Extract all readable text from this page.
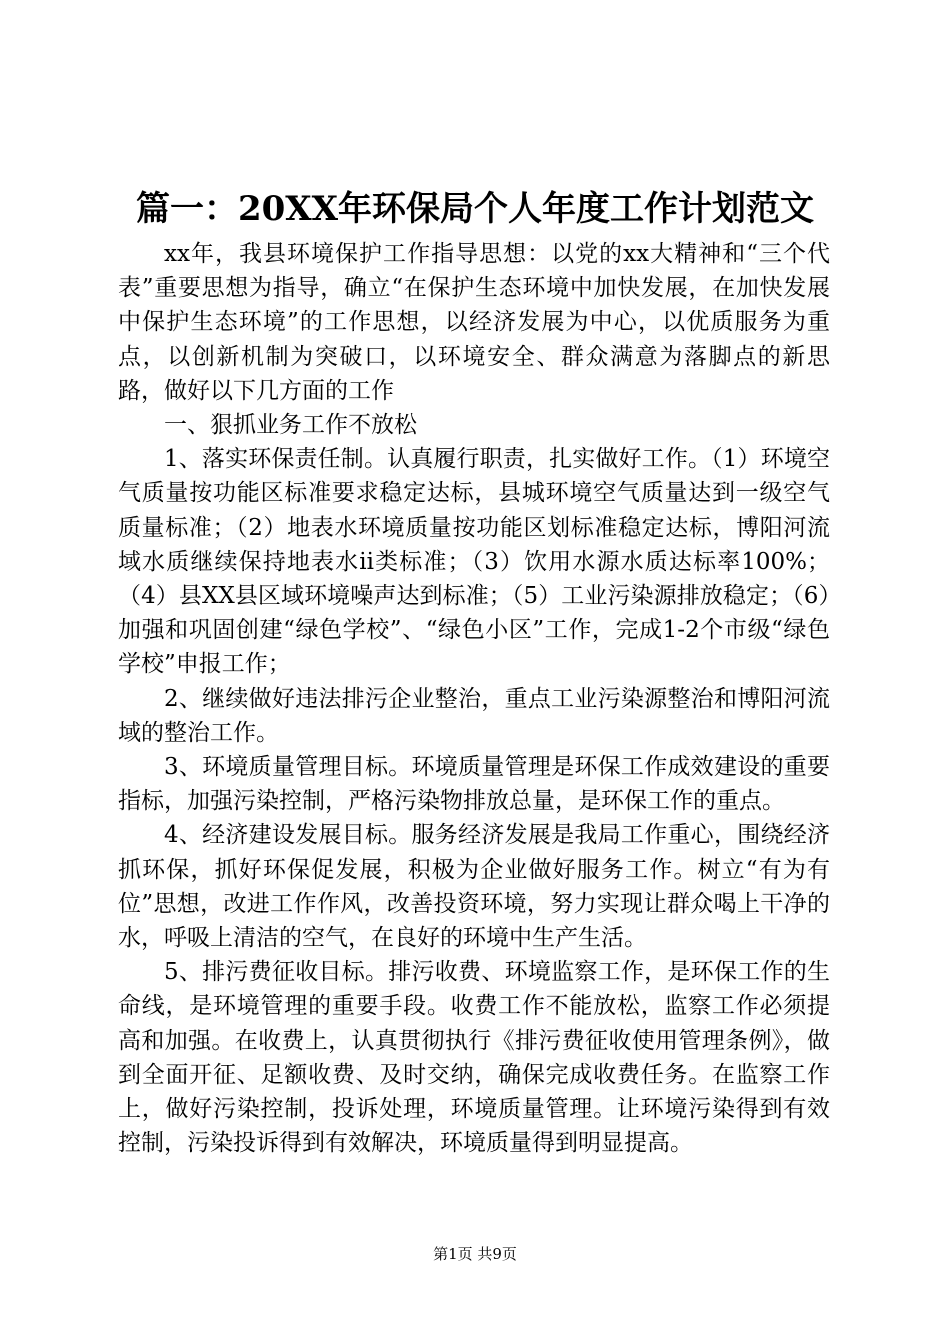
篇一：20XX年环保局个人年度工作计划范文

xx年，我县环境保护工作指导思想：以党的xx大精神和“三个代表”重要思想为指导，确立“在保护生态环境中加快发展，在加快发展中保护生态环境”的工作思想，以经济发展为中心，以优质服务为重点，以创新机制为突破口，以环境安全、群众满意为落脚点的新思路，做好以下几方面的工作

一、狠抓业务工作不放松

1、落实环保责任制。认真履行职责，扎实做好工作。（1）环境空气质量按功能区标准要求稳定达标，县城环境空气质量达到一级空气质量标准；（2）地表水环境质量按功能区划标准稳定达标，博阳河流域水质继续保持地表水ii类标准；（3）饮用水源水质达标率100%；（4）县XX县区域环境噪声达到标准；（5）工业污染源排放稳定；（6）加强和巩固创建“绿色学校”、“绿色小区”工作，完成1-2个市级“绿色学校”申报工作；

2、继续做好违法排污企业整治，重点工业污染源整治和博阳河流域的整治工作。

3、环境质量管理目标。环境质量管理是环保工作成效建设的重要指标，加强污染控制，严格污染物排放总量，是环保工作的重点。

4、经济建设发展目标。服务经济发展是我局工作重心，围绕经济抓环保，抓好环保促发展，积极为企业做好服务工作。树立“有为有位”思想，改进工作作风，改善投资环境，努力实现让群众喝上干净的水，呼吸上清洁的空气，在良好的环境中生产生活。

5、排污费征收目标。排污收费、环境监察工作，是环保工作的生命线，是环境管理的重要手段。收费工作不能放松，监察工作必须提高和加强。在收费上，认真贯彻执行《排污费征收使用管理条例》，做到全面开征、足额收费、及时交纳，确保完成收费任务。在监察工作上，做好污染控制，投诉处理，环境质量管理。让环境污染得到有效控制，污染投诉得到有效解决，环境质量得到明显提高。

第1页 共9页
